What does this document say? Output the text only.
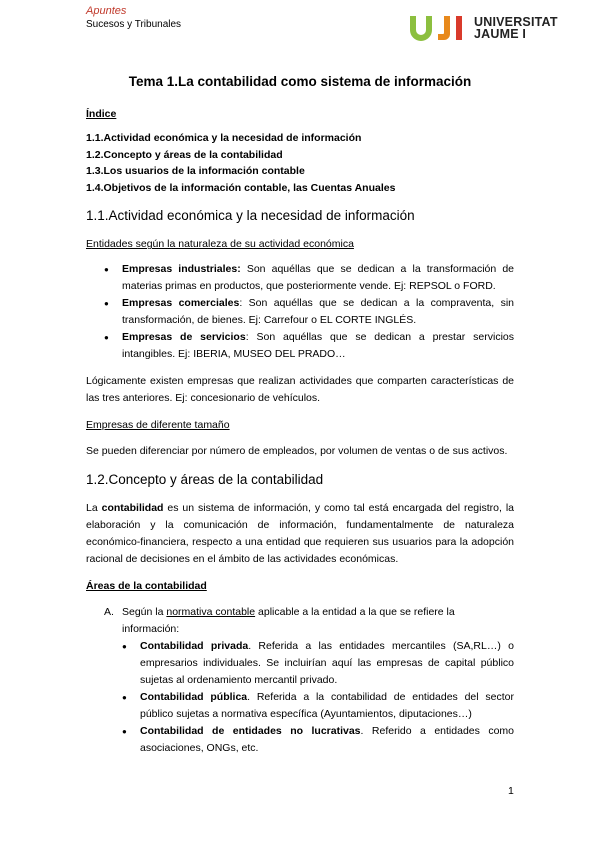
Apuntes
Sucesos y Tribunales	UNIVERSITAT
JAUME I
Tema 1.La contabilidad como sistema de información
Índice
1.1.Actividad económica y la necesidad de información
1.2.Concepto y áreas de la contabilidad
1.3.Los usuarios de la información contable
1.4.Objetivos de la información contable, las Cuentas Anuales
1.1.Actividad económica y la necesidad de información
Entidades según la naturaleza de su actividad económica
● Empresas industriales: Son aquéllas que se dedican a la transformación de materias primas en productos, que posteriormente vende. Ej: REPSOL o FORD.
● Empresas comerciales: Son aquéllas que se dedican a la compraventa, sin transformación, de bienes. Ej: Carrefour o EL CORTE INGLÉS.
● Empresas de servicios: Son aquéllas que se dedican a prestar servicios intangibles. Ej: IBERIA, MUSEO DEL PRADO…

Lógicamente existen empresas que realizan actividades que comparten características de las tres anteriores. Ej: concesionario de vehículos.

Empresas de diferente tamaño

Se pueden diferenciar por número de empleados, por volumen de ventas o de sus activos.

1.2.Concepto y áreas de la contabilidad

La contabilidad es un sistema de información, y como tal está encargada del registro, la elaboración y la comunicación de información, fundamentalmente de naturaleza económico-financiera, respecto a una entidad que requieren sus usuarios para la adopción racional de decisiones en el ámbito de las actividades económicas.

Áreas de la contabilidad
A. Según la normativa contable aplicable a la entidad a la que se refiere la información:
● Contabilidad privada. Referida a las entidades mercantiles (SA,RL…) o empresarios individuales. Se incluirían aquí las empresas de capital público sujetas al ordenamiento mercantil privado.
● Contabilidad pública. Referida a la contabilidad de entidades del sector público sujetas a normativa específica (Ayuntamientos, diputaciones…)
● Contabilidad de entidades no lucrativas. Referido a entidades como asociaciones, ONGs, etc.
1
